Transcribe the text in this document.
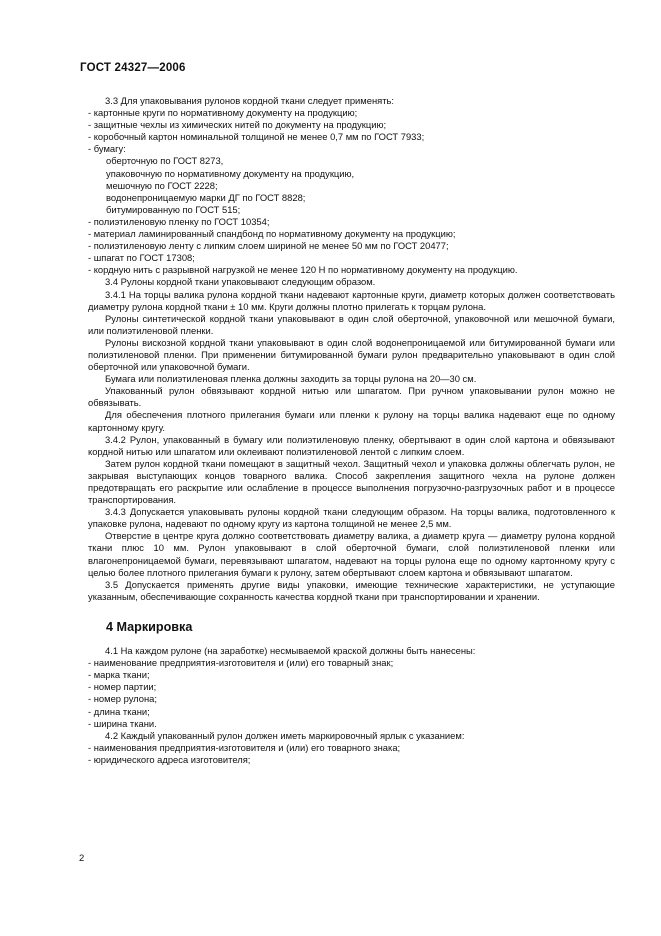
ГОСТ 24327—2006

3.3 Для упаковывания рулонов кордной ткани следует применять:

- картонные круги по нормативному документу на продукцию;

- защитные чехлы из химических нитей по документу на продукцию;

- коробочный картон номинальной толщиной не менее 0,7 мм по ГОСТ 7933;

- бумагу:

оберточную по ГОСТ 8273,

упаковочную по нормативному документу на продукцию,

мешочную по ГОСТ 2228;

водонепроницаемую марки ДГ по ГОСТ 8828;

битумированную по ГОСТ 515;

- полиэтиленовую пленку по ГОСТ 10354;

- материал ламинированный спандбонд по нормативному документу на продукцию;

- полиэтиленовую ленту с липким слоем шириной не менее 50 мм по ГОСТ 20477;

- шпагат по ГОСТ 17308;

- кордную нить с разрывной нагрузкой не менее 120 Н по нормативному документу на продукцию.

3.4 Рулоны кордной ткани упаковывают следующим образом.

3.4.1 На торцы валика рулона кордной ткани надевают картонные круги, диаметр которых должен соответствовать диаметру рулона кордной ткани ± 10 мм. Круги должны плотно прилегать к торцам рулона.

Рулоны синтетической кордной ткани упаковывают в один слой оберточной, упаковочной или мешочной бумаги, или полиэтиленовой пленки.

Рулоны вискозной кордной ткани упаковывают в один слой водонепроницаемой или битумированной бумаги или полиэтиленовой пленки. При применении битумированной бумаги рулон предварительно упаковывают в один слой оберточной или упаковочной бумаги.

Бумага или полиэтиленовая пленка должны заходить за торцы рулона на 20—30 см.

Упакованный рулон обвязывают кордной нитью или шпагатом. При ручном упаковывании рулон можно не обвязывать.

Для обеспечения плотного прилегания бумаги или пленки к рулону на торцы валика надевают еще по одному картонному кругу.

3.4.2 Рулон, упакованный в бумагу или полиэтиленовую пленку, обертывают в один слой картона и обвязывают кордной нитью или шпагатом или оклеивают полиэтиленовой лентой с липким слоем.

Затем рулон кордной ткани помещают в защитный чехол. Защитный чехол и упаковка должны облегчать рулон, не закрывая выступающих концов товарного валика. Способ закрепления защитного чехла на рулоне должен предотвращать его раскрытие или ослабление в процессе выполнения погрузочно-разгрузочных работ и в процессе транспортирования.

3.4.3 Допускается упаковывать рулоны кордной ткани следующим образом. На торцы валика, подготовленного к упаковке рулона, надевают по одному кругу из картона толщиной не менее 2,5 мм.

Отверстие в центре круга должно соответствовать диаметру валика, а диаметр круга — диаметру рулона кордной ткани плюс 10 мм. Рулон упаковывают в слой оберточной бумаги, слой полиэтиленовой пленки или влагонепроницаемой бумаги, перевязывают шпагатом, надевают на торцы рулона еще по одному картонному кругу с целью более плотного прилегания бумаги к рулону, затем обертывают слоем картона и обвязывают шпагатом.

3.5 Допускается применять другие виды упаковки, имеющие технические характеристики, не уступающие указанным, обеспечивающие сохранность качества кордной ткани при транспортировании и хранении.

4 Маркировка

4.1 На каждом рулоне (на заработке) несмываемой краской должны быть нанесены:

- наименование предприятия-изготовителя и (или) его товарный знак;

- марка ткани;

- номер партии;

- номер рулона;

- длина ткани;

- ширина ткани.

4.2 Каждый упакованный рулон должен иметь маркировочный ярлык с указанием:

- наименования предприятия-изготовителя и (или) его товарного знака;

- юридического адреса изготовителя;

2
